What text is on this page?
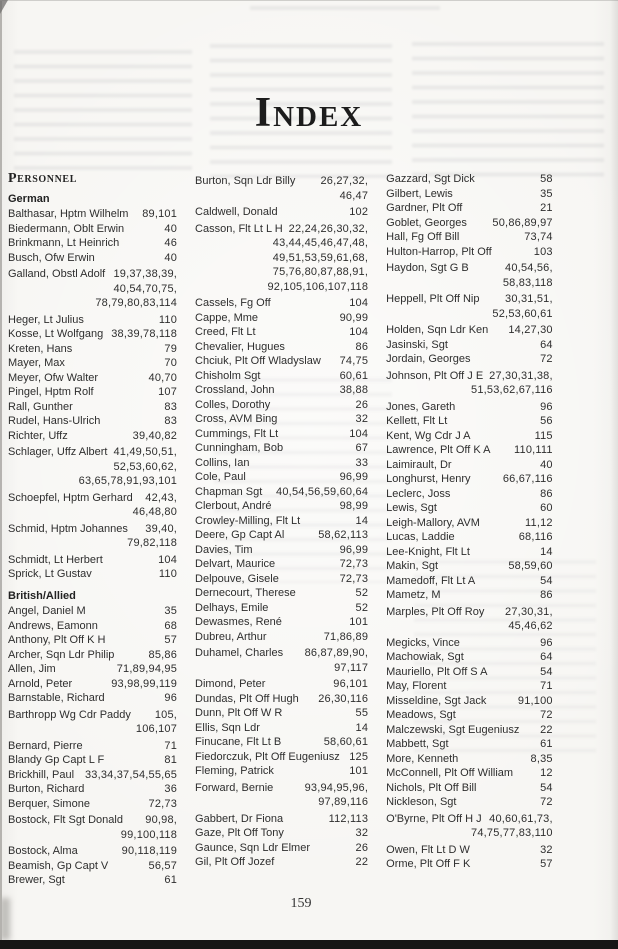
Index
Personnel
German
Balthasar, Hptm Wilhelm 89,101
Biedermann, Oblt Erwin	40
Brinkmann, Lt Heinrich	46
Busch, Ofw Erwin	40
Galland, Obstl Adolf 19,37,38,39,
40,54,70,75,
78,79,80,83,114
Heger, Lt Julius	110
Kosse, Lt Wolfgang 38,39,78,118
Kreten, Hans	79
Mayer, Max	70
Meyer, Ofw Walter	40,70
Pingel, Hptm Rolf	107
Rall, Gunther	83
Rudel, Hans-Ulrich	83
Richter, Uffz	39,40,82
Schlager, Uffz Albert 41,49,50,51,
52,53,60,62,
63,65,78,91,93,101
Schoepfel, Hptm Gerhard 42,43,
46,48,80
Schmid, Hptm Johannes 39,40,
79,82,118
Schmidt, Lt Herbert	104
Sprick, Lt Gustav	110
British/Allied
Angel, Daniel M	35
Andrews, Eamonn	68
Anthony, Plt Off K H	57
Archer, Sqn Ldr Philip	85,86
Allen, Jim	71,89,94,95
Arnold, Peter	93,98,99,119
Barnstable, Richard	96
Barthropp Wg Cdr Paddy 105,
106,107
Bernard, Pierre	71
Blandy Gp Capt L F	81
Brickhill, Paul 33,34,37,54,55,65
Burton, Richard	36
Berquer, Simone	72,73
Bostock, Flt Sgt Donald 90,98,
99,100,118
Bostock, Alma	90,118,119
Beamish, Gp Capt V	56,57
Brewer, Sgt	61
Burton, Sqn Ldr Billy 26,27,32,
46,47
Caldwell, Donald	102
Casson, Flt Lt L H 22,24,26,30,32,
43,44,45,46,47,48,
49,51,53,59,61,68,
75,76,80,87,88,91,
92,105,106,107,118
Cassels, Fg Off	104
Cappe, Mme	90,99
Creed, Flt Lt	104
Chevalier, Hugues	86
Chciuk, Plt Off Wladyslaw 74,75
Chisholm Sgt	60,61
Crossland, John	38,88
Colles, Dorothy	26
Cross, AVM Bing	32
Cummings, Flt Lt	104
Cunningham, Bob	67
Collins, Ian	33
Cole, Paul	96,99
Chapman Sgt 40,54,56,59,60,64
Clerbout, André	98,99
Crowley-Milling, Flt Lt	14
Deere, Gp Capt Al	58,62,113
Davies, Tim	96,99
Delvart, Maurice	72,73
Delpouve, Gisele	72,73
Dernecourt, Therese	52
Delhays, Emile	52
Dewasmes, René	101
Dubreu, Arthur	71,86,89
Duhamel, Charles 86,87,89,90,
97,117
Dimond, Peter	96,101
Dundas, Plt Off Hugh 26,30,116
Dunn, Plt Off W R	55
Ellis, Sqn Ldr	14
Finucane, Flt Lt B	58,60,61
Fiedorczuk, Plt Off Eugeniusz 125
Fleming, Patrick	101
Forward, Bernie	93,94,95,96,
97,89,116
Gabbert, Dr Fiona	112,113
Gaze, Plt Off Tony	32
Gaunce, Sqn Ldr Elmer	26
Gil, Plt Off Jozef	22
Gazzard, Sgt Dick	58
Gilbert, Lewis	35
Gardner, Plt Off	21
Goblet, Georges 50,86,89,97
Hall, Fg Off Bill	73,74
Hulton-Harrop, Plt Off	103
Haydon, Sgt G B	40,54,56,
58,83,118
Heppell, Plt Off Nip 30,31,51,
52,53,60,61
Holden, Sqn Ldr Ken 14,27,30
Jasinski, Sgt	64
Jordain, Georges	72
Johnson, Plt Off J E 27,30,31,38,
51,53,62,67,116
Jones, Gareth	96
Kellett, Flt Lt	56
Kent, Wg Cdr J A	115
Lawrence, Plt Off K A 110,111
Laimirault, Dr	40
Longhurst, Henry	66,67,116
Leclerc, Joss	86
Lewis, Sgt	60
Leigh-Mallory, AVM	11,12
Lucas, Laddie	68,116
Lee-Knight, Flt Lt	14
Makin, Sgt	58,59,60
Mamedoff, Flt Lt A	54
Mametz, M	86
Marples, Plt Off Roy 27,30,31,
45,46,62
Megicks, Vince	96
Machowiak, Sgt	64
Mauriello, Plt Off S A	54
May, Florent	71
Misseldine, Sgt Jack	91,100
Meadows, Sgt	72
Malczewski, Sgt Eugeniusz 22
Mabbett, Sgt	61
More, Kenneth	8,35
McConnell, Plt Off William 12
Nichols, Plt Off Bill	54
Nickleson, Sgt	72
O'Byrne, Plt Off H J 40,60,61,73,
74,75,77,83,110
Owen, Flt Lt D W	32
Orme, Plt Off F K	57
159
